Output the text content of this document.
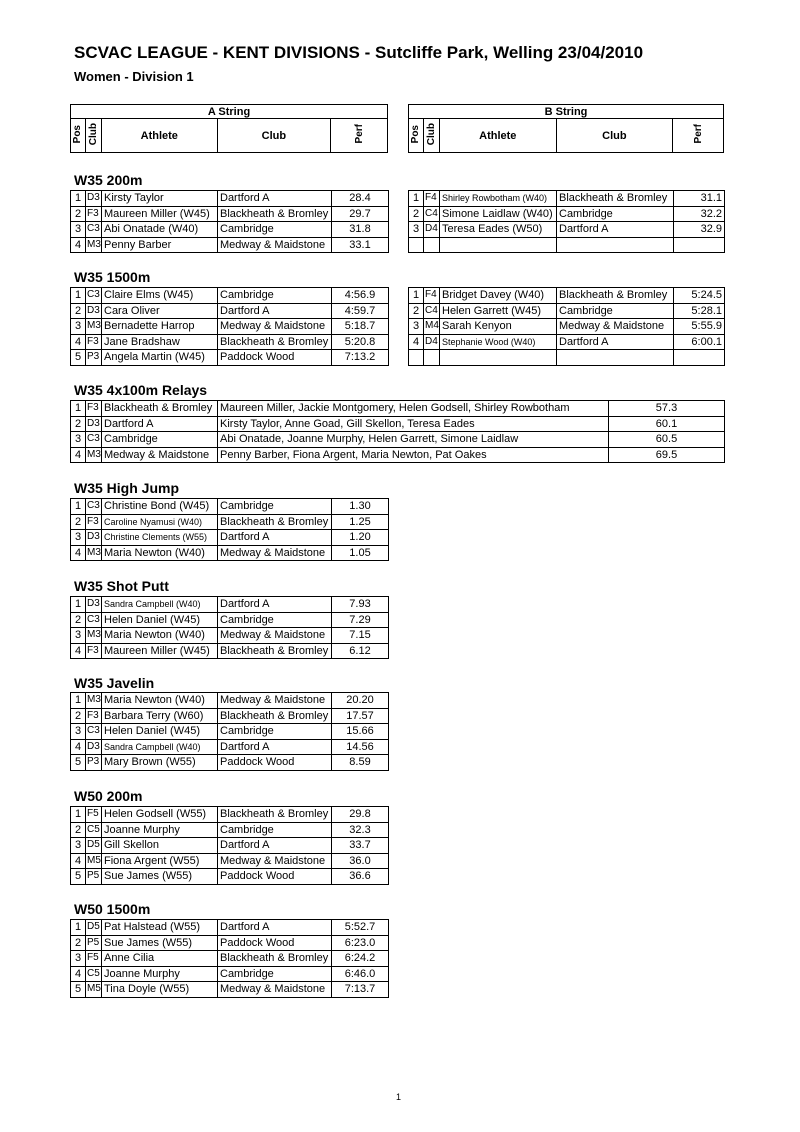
SCVAC LEAGUE - KENT DIVISIONS - Sutcliffe Park, Welling 23/04/2010
Women - Division 1
A String
Pos	Club	Athlete	Club	Perf
B String
Pos	Club	Athlete	Club	Perf
W35 200m
1	D3	Kirsty Taylor	Dartford A	28.4
2	F3	Maureen Miller (W45)	Blackheath & Bromley	29.7
3	C3	Abi Onatade (W40)	Cambridge	31.8
4	M3	Penny Barber	Medway & Maidstone	33.1
1	F4	Shirley Rowbotham (W40)	Blackheath & Bromley	31.1
2	C4	Simone Laidlaw (W40)	Cambridge	32.2
3	D4	Teresa Eades (W50)	Dartford A	32.9

W35 1500m
1	C3	Claire Elms (W45)	Cambridge	4:56.9
2	D3	Cara Oliver	Dartford A	4:59.7
3	M3	Bernadette Harrop	Medway & Maidstone	5:18.7
4	F3	Jane Bradshaw	Blackheath & Bromley	5:20.8
5	P3	Angela Martin (W45)	Paddock Wood	7:13.2
1	F4	Bridget Davey (W40)	Blackheath & Bromley	5:24.5
2	C4	Helen Garrett (W45)	Cambridge	5:28.1
3	M4	Sarah Kenyon	Medway & Maidstone	5:55.9
4	D4	Stephanie Wood (W40)	Dartford A	6:00.1

W35 4x100m Relays
1	F3	Blackheath & Bromley	Maureen Miller, Jackie Montgomery, Helen Godsell, Shirley Rowbotham	57.3
2	D3	Dartford A	Kirsty Taylor, Anne Goad, Gill Skellon, Teresa Eades	60.1
3	C3	Cambridge	Abi Onatade, Joanne Murphy, Helen Garrett, Simone Laidlaw	60.5
4	M3	Medway & Maidstone	Penny Barber, Fiona Argent, Maria Newton, Pat Oakes	69.5
W35 High Jump
1	C3	Christine Bond (W45)	Cambridge	1.30
2	F3	Caroline Nyamusi (W40)	Blackheath & Bromley	1.25
3	D3	Christine Clements (W55)	Dartford A	1.20
4	M3	Maria Newton (W40)	Medway & Maidstone	1.05
W35 Shot Putt
1	D3	Sandra Campbell (W40)	Dartford A	7.93
2	C3	Helen Daniel (W45)	Cambridge	7.29
3	M3	Maria Newton (W40)	Medway & Maidstone	7.15
4	F3	Maureen Miller (W45)	Blackheath & Bromley	6.12
W35 Javelin
1	M3	Maria Newton (W40)	Medway & Maidstone	20.20
2	F3	Barbara Terry (W60)	Blackheath & Bromley	17.57
3	C3	Helen Daniel (W45)	Cambridge	15.66
4	D3	Sandra Campbell (W40)	Dartford A	14.56
5	P3	Mary Brown (W55)	Paddock Wood	8.59
W50 200m
1	F5	Helen Godsell (W55)	Blackheath & Bromley	29.8
2	C5	Joanne Murphy	Cambridge	32.3
3	D5	Gill Skellon	Dartford A	33.7
4	M5	Fiona Argent (W55)	Medway & Maidstone	36.0
5	P5	Sue James (W55)	Paddock Wood	36.6
W50 1500m
1	D5	Pat Halstead (W55)	Dartford A	5:52.7
2	P5	Sue James (W55)	Paddock Wood	6:23.0
3	F5	Anne Cilia	Blackheath & Bromley	6:24.2
4	C5	Joanne Murphy	Cambridge	6:46.0
5	M5	Tina Doyle (W55)	Medway & Maidstone	7:13.7
1
